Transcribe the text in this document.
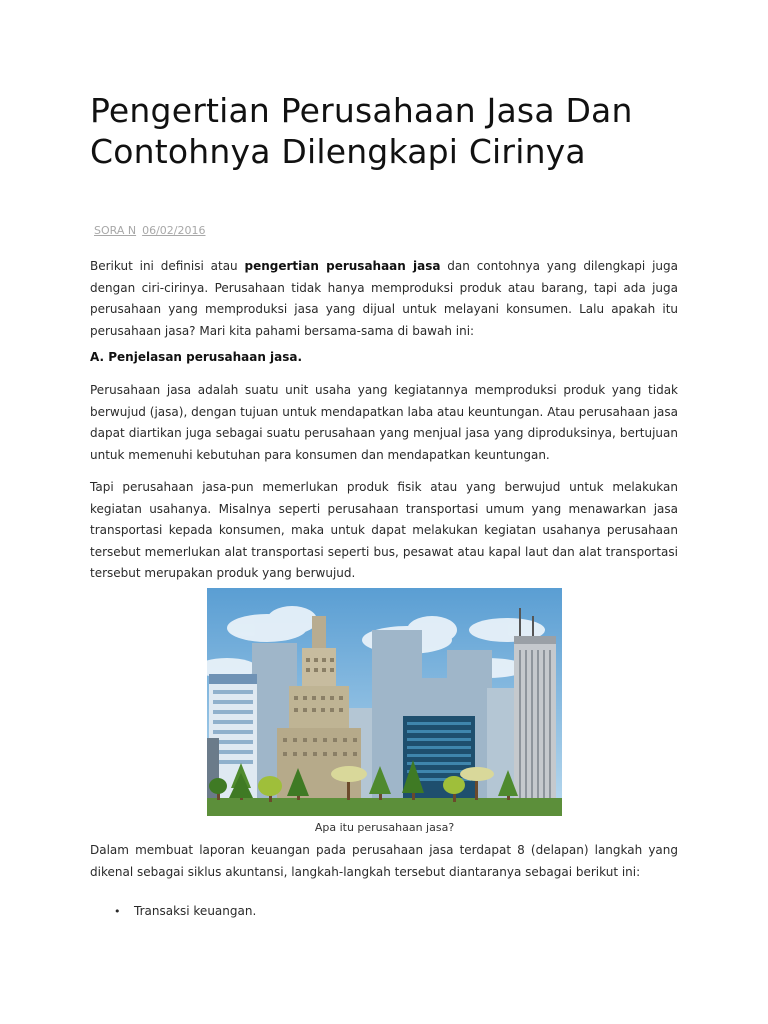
Pengertian Perusahaan Jasa Dan Contohnya Dilengkapi Cirinya
SORA N 06/02/2016

Berikut ini definisi atau pengertian perusahaan jasa dan contohnya yang dilengkapi juga dengan ciri-cirinya. Perusahaan tidak hanya memproduksi produk atau barang, tapi ada juga perusahaan yang memproduksi jasa yang dijual untuk melayani konsumen. Lalu apakah itu perusahaan jasa? Mari kita pahami bersama-sama di bawah ini:

A. Penjelasan perusahaan jasa.

Perusahaan jasa adalah suatu unit usaha yang kegiatannya memproduksi produk yang tidak berwujud (jasa), dengan tujuan untuk mendapatkan laba atau keuntungan. Atau perusahaan jasa dapat diartikan juga sebagai suatu perusahaan yang menjual jasa yang diproduksinya, bertujuan untuk memenuhi kebutuhan para konsumen dan mendapatkan keuntungan.

Tapi perusahaan jasa-pun memerlukan produk fisik atau yang berwujud untuk melakukan kegiatan usahanya. Misalnya seperti perusahaan transportasi umum yang menawarkan jasa transportasi kepada konsumen, maka untuk dapat melakukan kegiatan usahanya perusahaan tersebut memerlukan alat transportasi seperti bus, pesawat atau kapal laut dan alat transportasi tersebut merupakan produk yang berwujud.

Apa itu perusahaan jasa?

Dalam membuat laporan keuangan pada perusahaan jasa terdapat 8 (delapan) langkah yang dikenal sebagai siklus akuntansi, langkah-langkah tersebut diantaranya sebagai berikut ini:

• Transaksi keuangan.
